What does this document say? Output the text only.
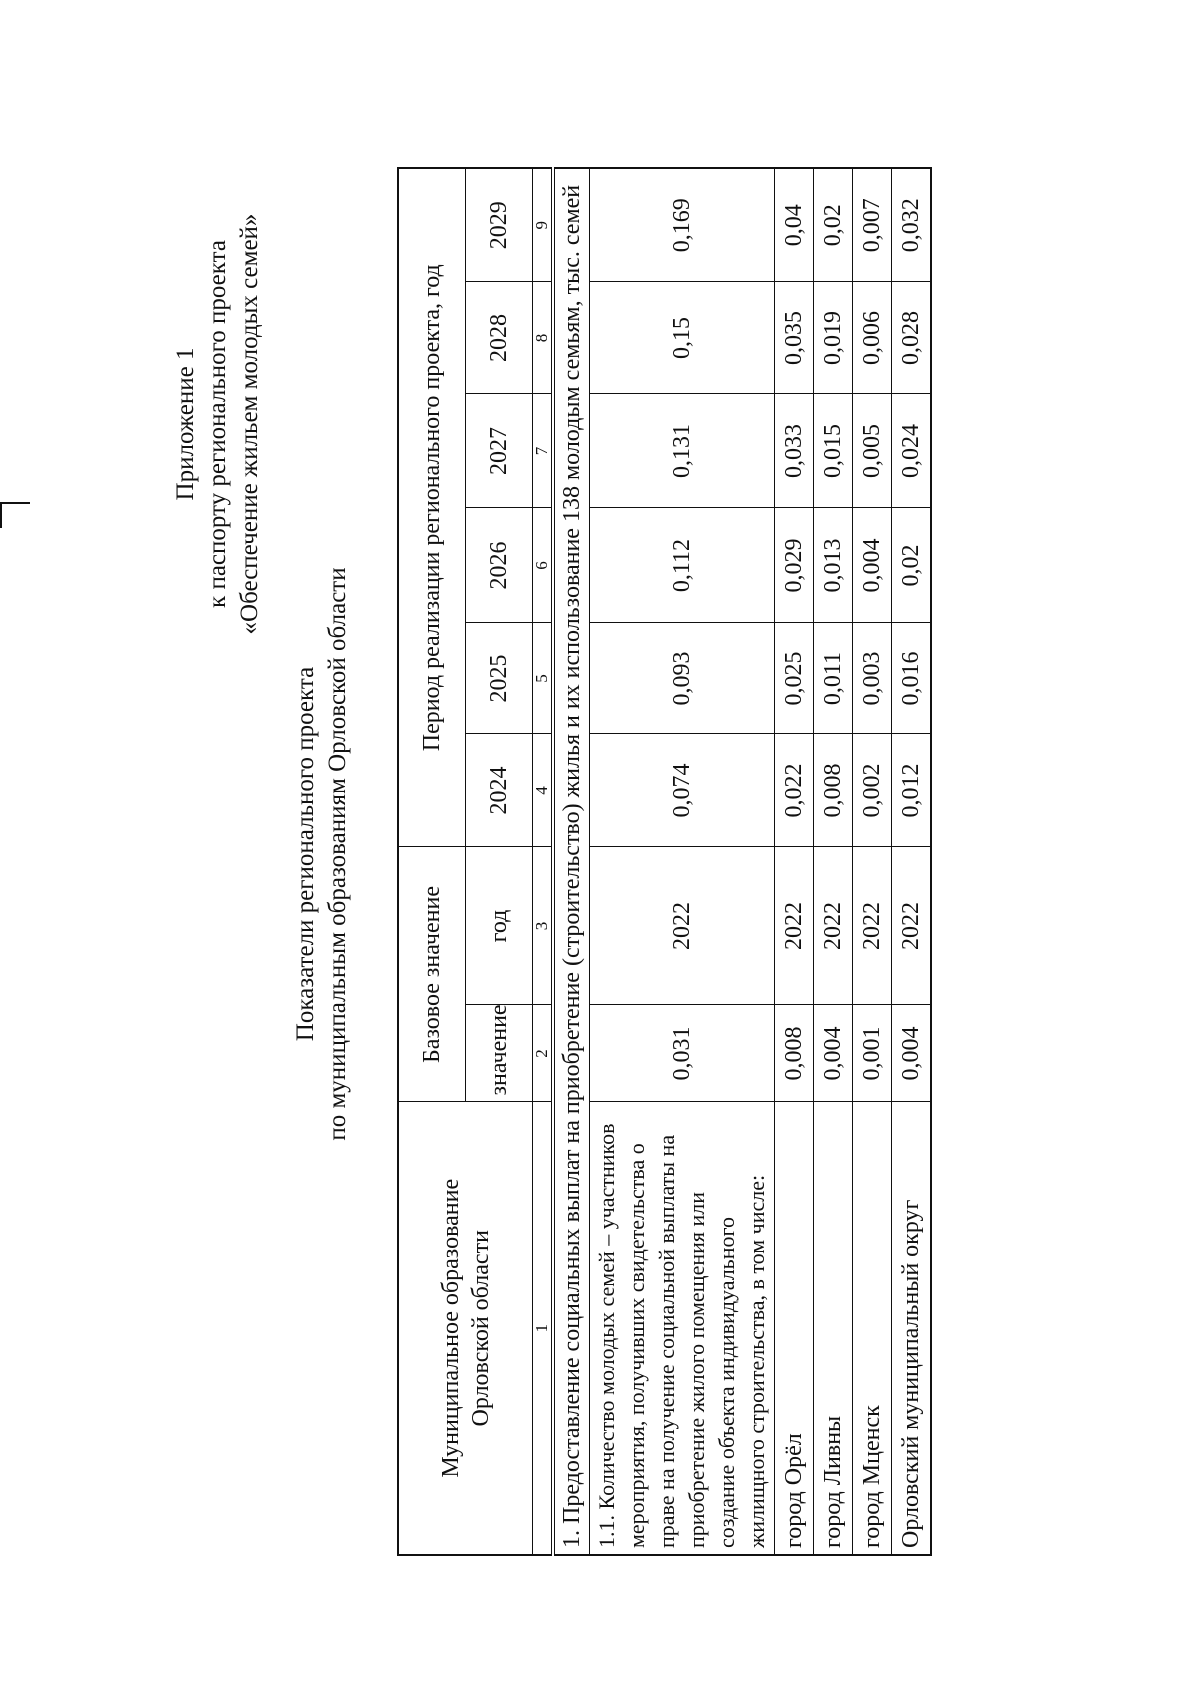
Приложение 1 к паспорту регионального проекта «Обеспечение жильем молодых семей»
Показатели регионального проекта по муниципальным образованиям Орловской области
Муниципальное образование Орловской области	Базовое значение		Период реализации регионального проекта, год					
	значение	год	2024	2025	2026	2027	2028	2029
1	2	3	4	5	6	7	8	9
1. Предоставление социальных выплат на приобретение (строительство) жилья и их использование 138 молодым семьям, тыс. семей								
1.1. Количество молодых семей – участников мероприятия, получивших свидетельства о праве на получение социальной выплаты на приобретение жилого помещения или создание объекта индивидуального жилищного строительства, в том числе:	0,031	2022	0,074	0,093	0,112	0,131	0,15	0,169
город Орёл	0,008	2022	0,022	0,025	0,029	0,033	0,035	0,04
город Ливны	0,004	2022	0,008	0,011	0,013	0,015	0,019	0,02
город Мценск	0,001	2022	0,002	0,003	0,004	0,005	0,006	0,007
Орловский муниципальный округ	0,004	2022	0,012	0,016	0,02	0,024	0,028	0,032
